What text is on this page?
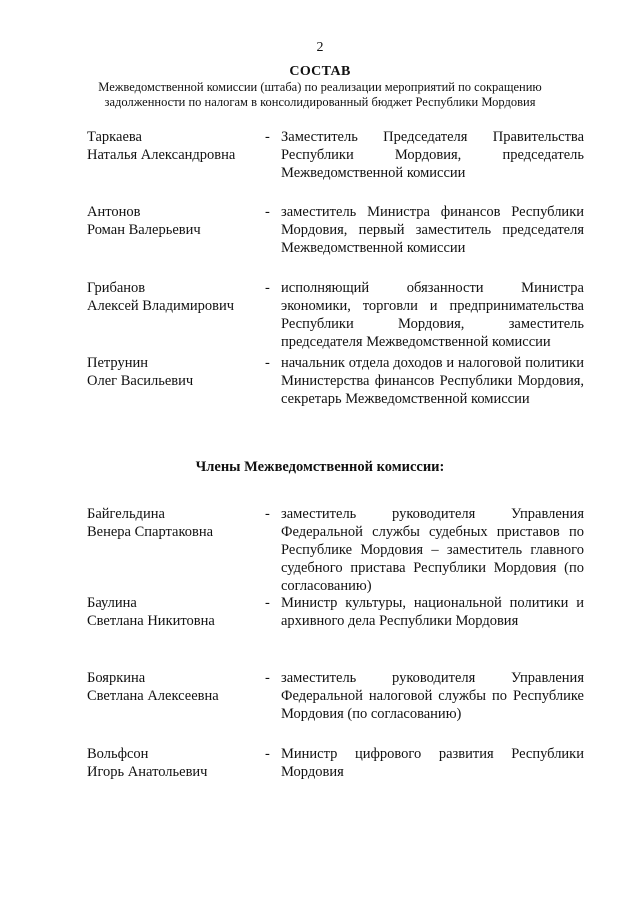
2
СОСТАВ
Межведомственной комиссии (штаба) по реализации мероприятий по сокращению задолженности по налогам в консолидированный бюджет Республики Мордовия
Таркаева
Наталья Александровна
- Заместитель Председателя Правительства Республики Мордовия, председатель Межведомственной комиссии
Антонов
Роман Валерьевич
- заместитель Министра финансов Республики Мордовия, первый заместитель председателя Межведомственной комиссии
Грибанов
Алексей Владимирович
- исполняющий обязанности Министра экономики, торговли и предпринимательства Республики Мордовия, заместитель председателя Межведомственной комиссии
Петрунин
Олег Васильевич
- начальник отдела доходов и налоговой политики Министерства финансов Республики Мордовия, секретарь Межведомственной комиссии
Члены Межведомственной комиссии:
Байгельдина
Венера Спартаковна
- заместитель руководителя Управления Федеральной службы судебных приставов по Республике Мордовия – заместитель главного судебного пристава Республики Мордовия (по согласованию)
Баулина
Светлана Никитовна
- Министр культуры, национальной политики и архивного дела Республики Мордовия
Бояркина
Светлана Алексеевна
- заместитель руководителя Управления Федеральной налоговой службы по Республике Мордовия (по согласованию)
Вольфсон
Игорь Анатольевич
- Министр цифрового развития Республики Мордовия
